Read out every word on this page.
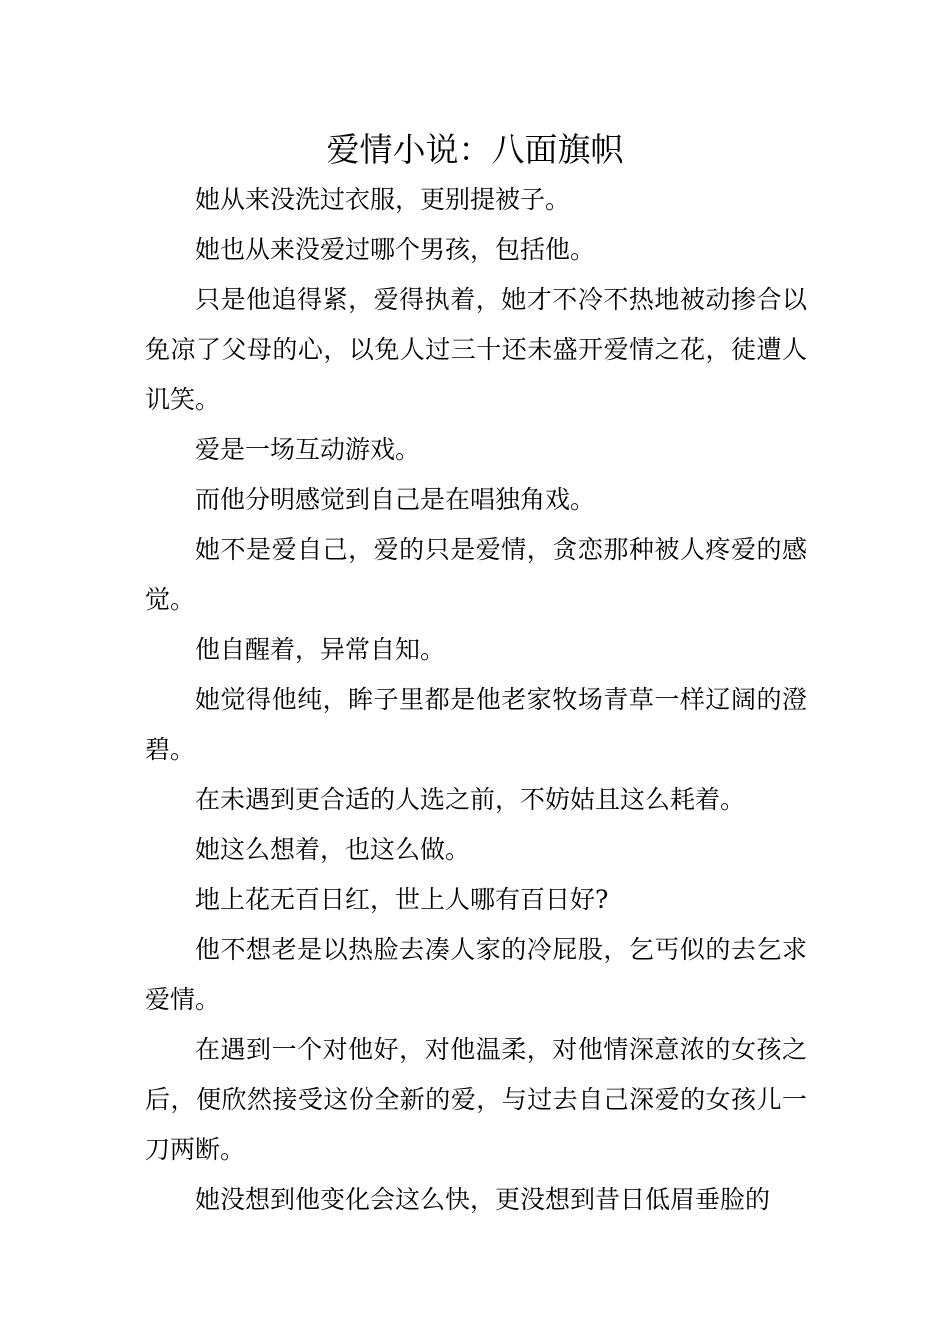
爱情小说：八面旗帜

她从来没洗过衣服，更别提被子。

她也从来没爱过哪个男孩，包括他。

只是他追得紧，爱得执着，她才不冷不热地被动掺合以免凉了父母的心，以免人过三十还未盛开爱情之花，徒遭人讥笑。

爱是一场互动游戏。

而他分明感觉到自己是在唱独角戏。

她不是爱自己，爱的只是爱情，贪恋那种被人疼爱的感觉。

他自醒着，异常自知。

她觉得他纯，眸子里都是他老家牧场青草一样辽阔的澄碧。

在未遇到更合适的人选之前，不妨姑且这么耗着。

她这么想着，也这么做。

地上花无百日红，世上人哪有百日好?

他不想老是以热脸去凑人家的冷屁股，乞丐似的去乞求爱情。

在遇到一个对他好，对他温柔，对他情深意浓的女孩之后，便欣然接受这份全新的爱，与过去自己深爱的女孩儿一刀两断。

她没想到他变化会这么快，更没想到昔日低眉垂脸的
